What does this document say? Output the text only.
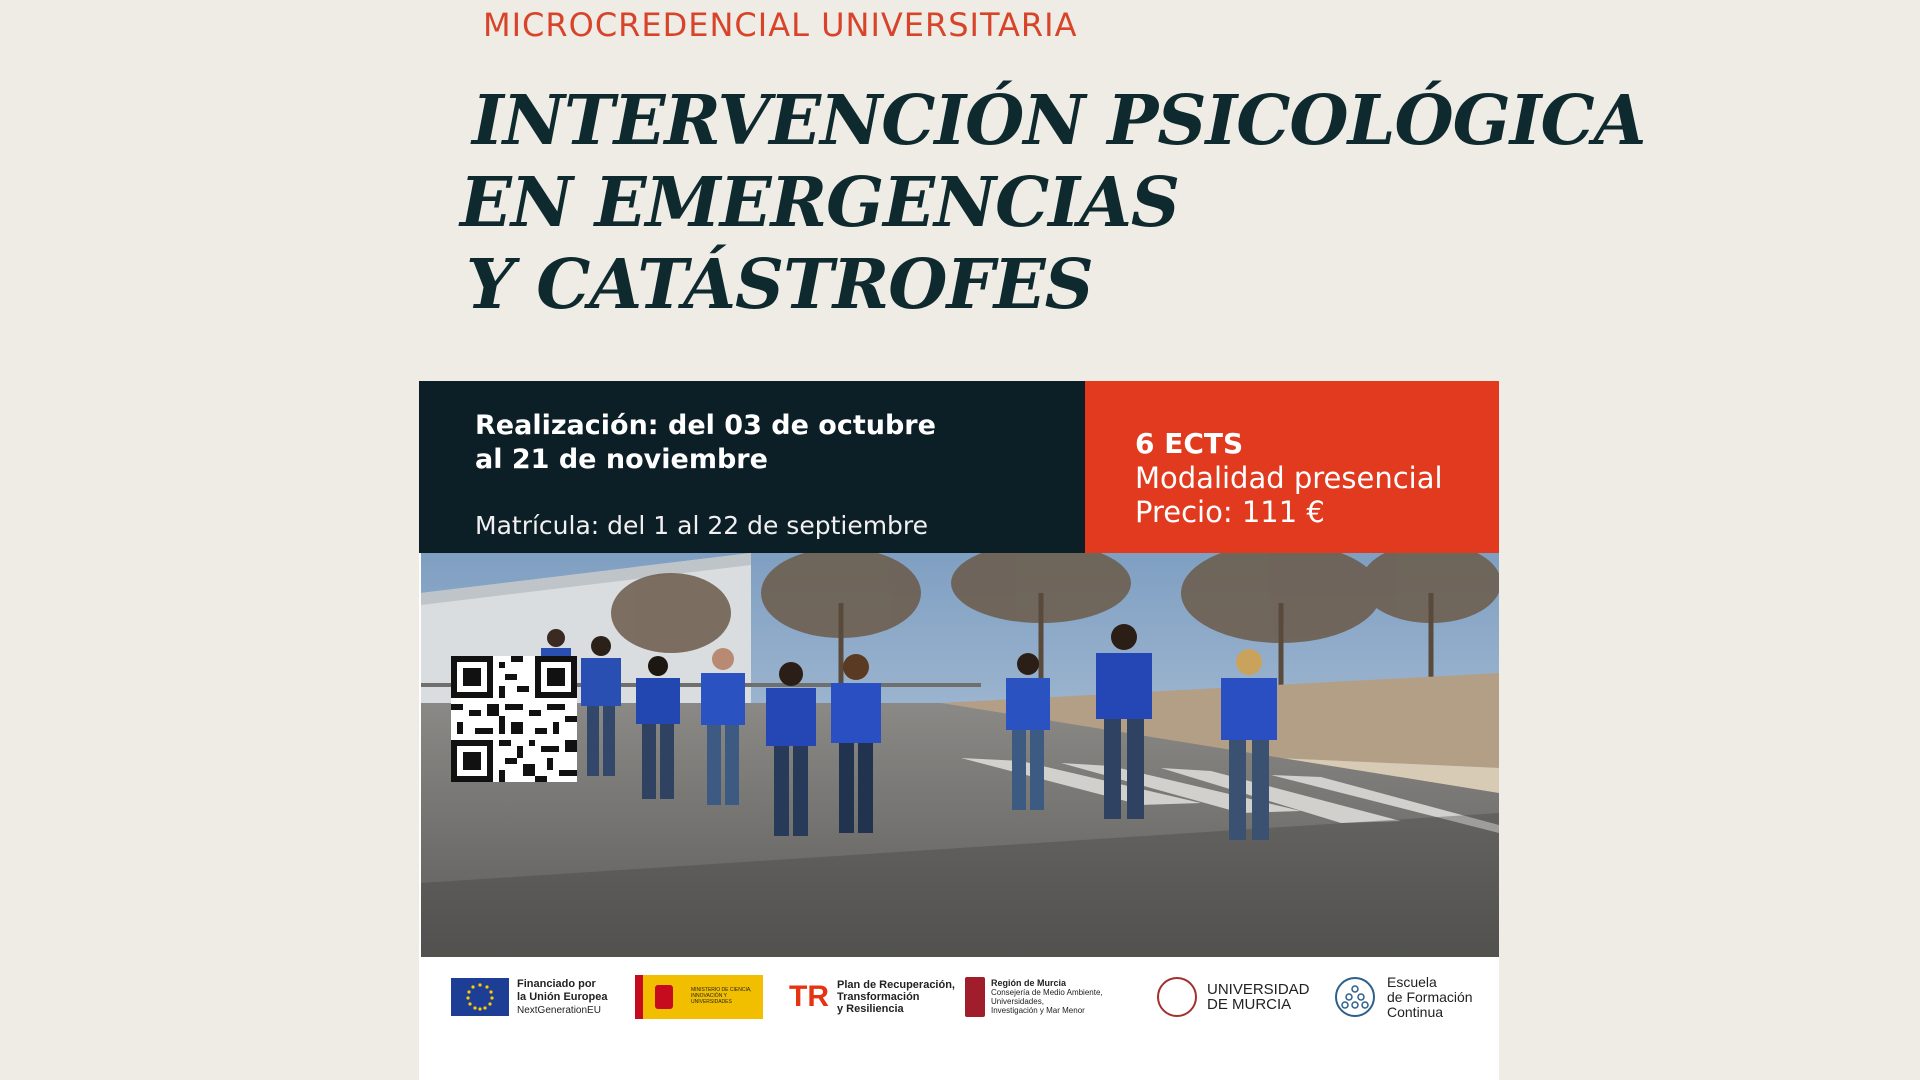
MICROCREDENCIAL UNIVERSITARIA
INTERVENCIÓN PSICOLÓGICA
EN EMERGENCIAS
Y CATÁSTROFES
Realización: del 03 de octubre
al 21 de noviembre
Matrícula: del 1 al 22 de septiembre
6 ECTS
Modalidad presencial
Precio: 111 €
Financiado por
la Unión Europea
NextGenerationEU
MINISTERIO DE CIENCIA, INNOVACIÓN Y UNIVERSIDADES	TR Plan de Recuperación,
Transformación
y Resiliencia
Región de Murcia
Consejería de Medio Ambiente, Universidades,
Investigación y Mar Menor
UNIVERSIDAD
DE MURCIA
Escuela
de Formación
Continua
